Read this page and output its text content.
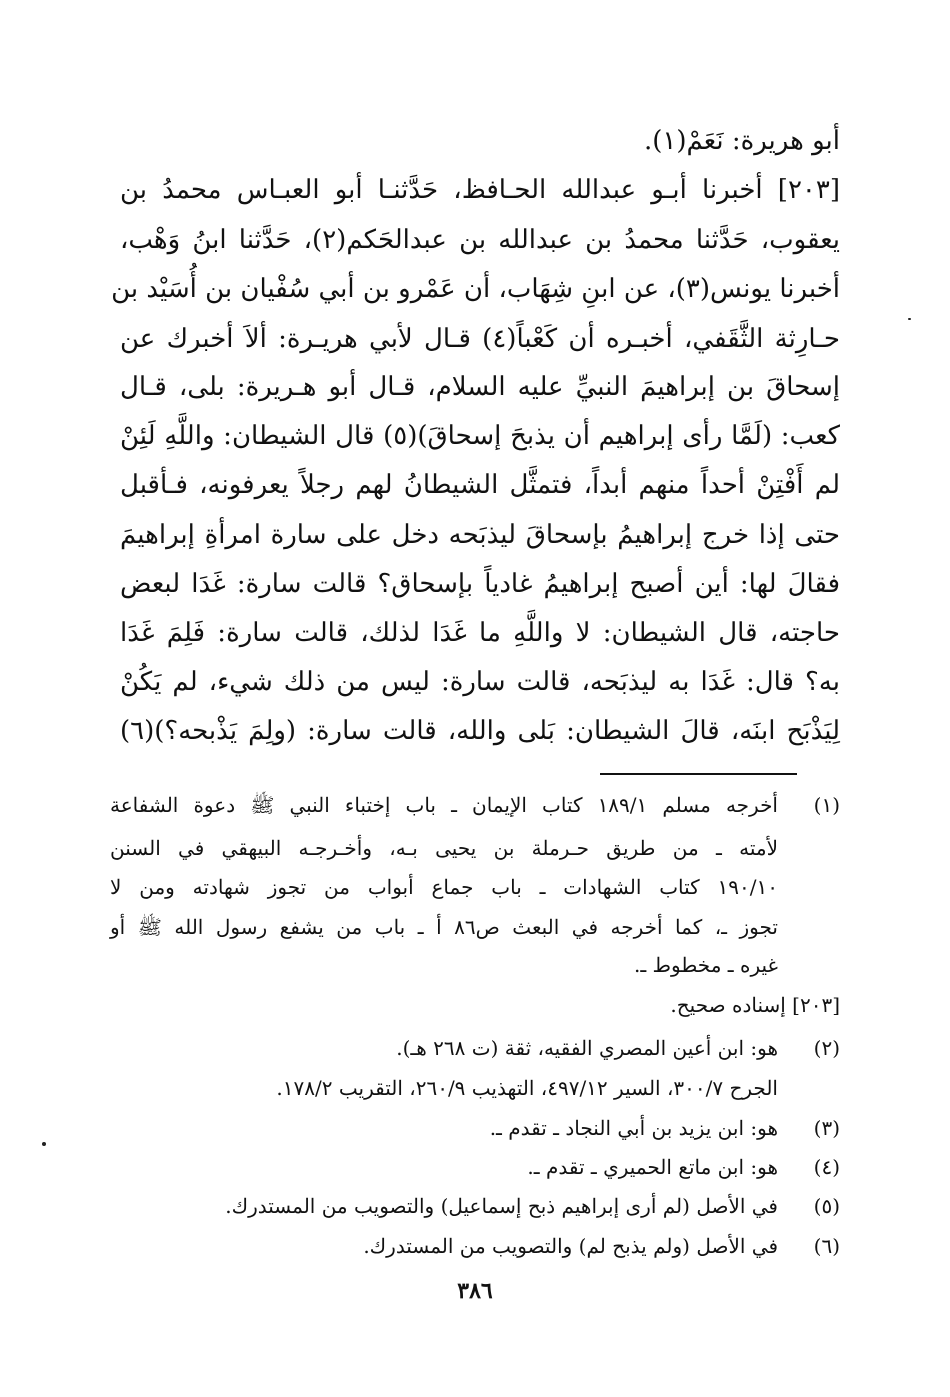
أبو هريرة: نَعَمْ(١).
[٢٠٣] أخبرنا أبـو عبدالله الحـافظ، حَدَّثنـا أبو العبـاس محمدُ بن
يعقوب، حَدَّثنا محمدُ بن عبدالله بن عبدالحَكم(٢)، حَدَّثنا ابنُ وَهْب،
أخبرنا يونس(٣)، عن ابنِ شِهَاب، أن عَمْرو بن أبي سُفْيان بن أُسَيْد بن
حـارِثة الثَّقَفي، أخبـره أن كَعْباً(٤) قـال لأبي هريـرة: ألاَ أخبرك عن
إسحاقَ بن إبراهيمَ النبيِّ عليه السلام، قـال أبو هـريرة: بلى، قـال
كعب: (لَمَّا رأى إبراهيم أن يذبحَ إسحاقَ)(٥) قال الشيطان: واللَّهِ لَئِنْ
لم أَفْتِنْ أحداً منهم أبداً، فتمثَّل الشيطانُ لهم رجلاً يعرفونه، فـأقبل
حتى إذا خرج إبراهيمُ بإسحاقَ ليذبَحه دخل على سارة امرأةِ إبراهيمَ
فقالَ لها: أين أصبح إبراهيمُ غادياً بإسحاق؟ قالت سارة: غَدَا لبعض
حاجته، قال الشيطان: لا واللَّهِ ما غَدَا لذلك، قالت سارة: فَلِمَ غَدَا
به؟ قال: غَدَا به ليذبَحه، قالت سارة: ليس من ذلك شيء، لم يَكُنْ
لِيَذْبَح ابنَه، قالَ الشيطان: بَلى والله، قالت سارة: (ولِمَ يَذْبحه؟)(٦)
(١)
أخرجه مسلم ١٨٩/١ كتاب الإيمان ـ باب إختباء النبي ﷺ دعوة الشفاعة
لأمته ـ من طريق حـرملة بن يحيى بـه، وأخـرجـه البيهقي في السنن
١٩٠/١٠ كتاب الشهادات ـ باب جماع أبواب من تجوز شهادته ومن لا
تجوز ـ، كما أخرجه في البعث ص٨٦ أ ـ باب من يشفع رسول الله ﷺ أو
غيره ـ مخطوط ـ.
[٢٠٣] إسناده صحيح.
(٢)
هو: ابن أعين المصري الفقيه، ثقة (ت ٢٦٨ هـ).
الجرح ٣٠٠/٧، السير ٤٩٧/١٢، التهذيب ٢٦٠/٩، التقريب ١٧٨/٢.
(٣)
هو: ابن يزيد بن أبي النجاد ـ تقدم ـ.
(٤)
هو: ابن ماتع الحميري ـ تقدم ـ.
(٥)
في الأصل (لم أرى إبراهيم ذبح إسماعيل) والتصويب من المستدرك.
(٦)
في الأصل (ولم يذبح لم) والتصويب من المستدرك.
٣٨٦
